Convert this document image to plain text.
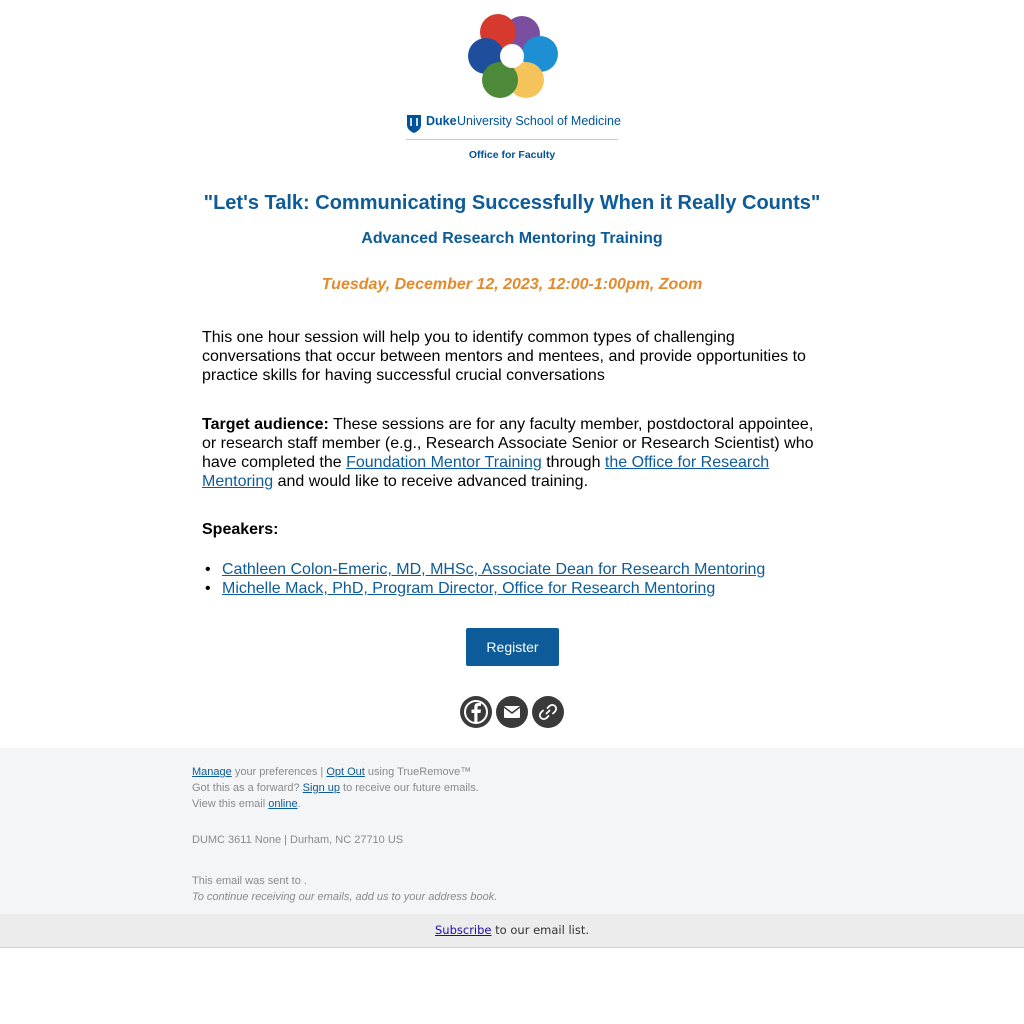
Duke University School of Medicine
Office for Faculty
"Let's Talk: Communicating Successfully When it Really Counts"
Advanced Research Mentoring Training
Tuesday, December 12, 2023, 12:00-1:00pm, Zoom
This one hour session will help you to identify common types of challenging conversations that occur between mentors and mentees, and provide opportunities to practice skills for having successful crucial conversations
Target audience: These sessions are for any faculty member, postdoctoral appointee, or research staff member (e.g., Research Associate Senior or Research Scientist) who have completed the Foundation Mentor Training through the Office for Research Mentoring and would like to receive advanced training.
Speakers:
• Cathleen Colon-Emeric, MD, MHSc, Associate Dean for Research Mentoring
• Michelle Mack, PhD, Program Director, Office for Research Mentoring
Register
Manage your preferences | Opt Out using TrueRemove™
Got this as a forward? Sign up to receive our future emails.
View this email online.
DUMC 3611 None | Durham, NC 27710 US
This email was sent to .
To continue receiving our emails, add us to your address book.
Subscribe to our email list.
